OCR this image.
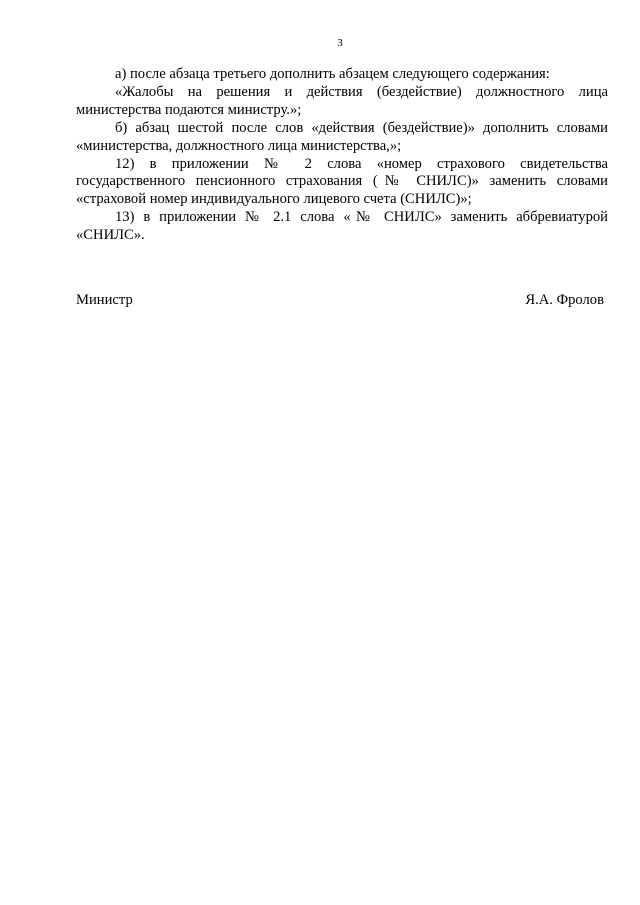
3

а) после абзаца третьего дополнить абзацем следующего содержания:

«Жалобы на решения и действия (бездействие) должностного лица министерства подаются министру.»;

б) абзац шестой после слов «действия (бездействие)» дополнить словами «министерства, должностного лица министерства,»;

12) в приложении № 2 слова «номер страхового свидетельства государственного пенсионного страхования (№ СНИЛС)» заменить словами «страховой номер индивидуального лицевого счета (СНИЛС)»;

13) в приложении № 2.1 слова «№ СНИЛС» заменить аббревиатурой «СНИЛС».

Министр	Я.А. Фролов
